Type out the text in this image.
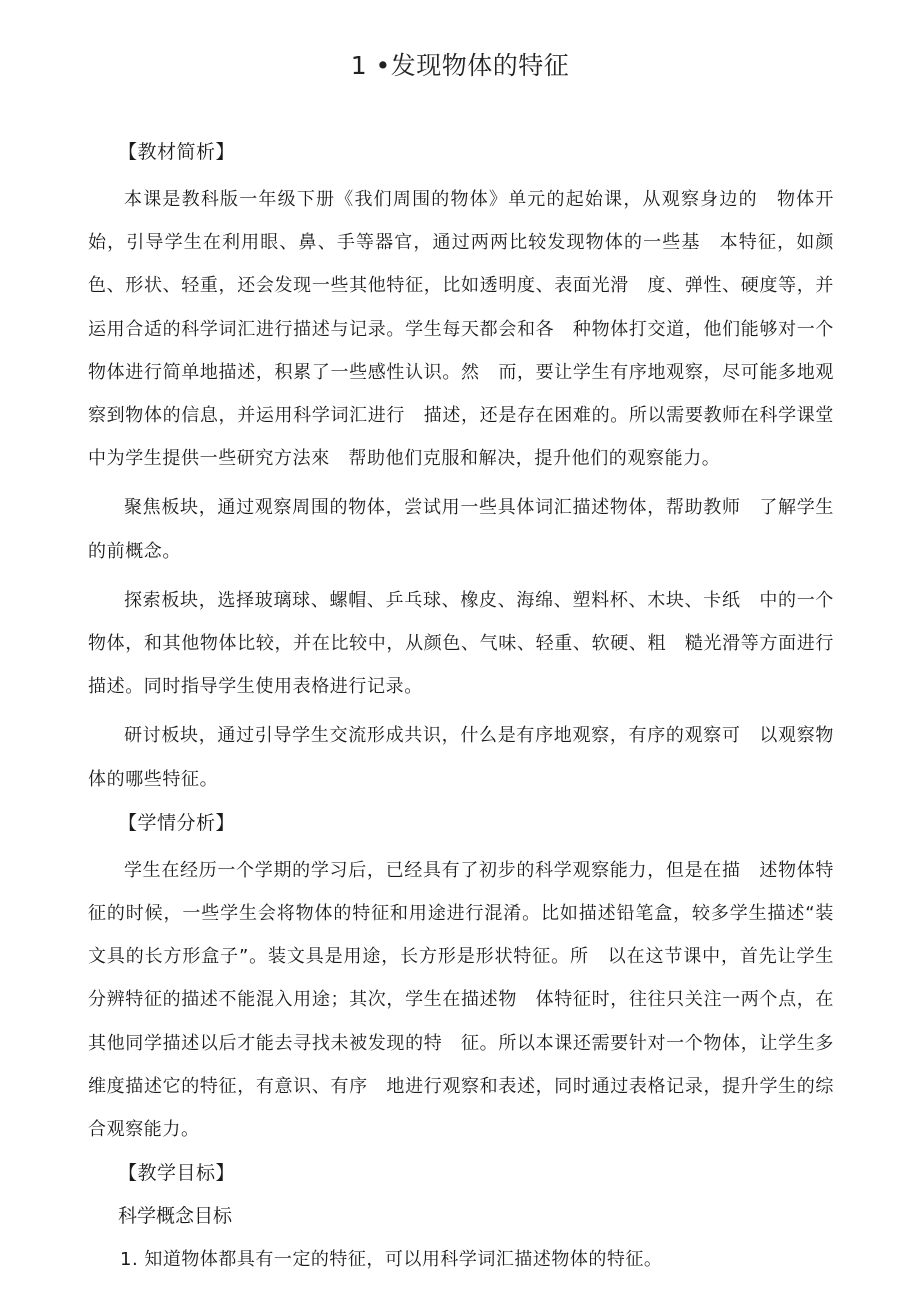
1 •发现物体的特征
【教材简析】

本课是教科版一年级下册《我们周围的物体》单元的起始课，从观察身边的　物体开始，引导学生在利用眼、鼻、手等器官，通过两两比较发现物体的一些基　本特征，如颜色、形状、轻重，还会发现一些其他特征，比如透明度、表面光滑　度、弹性、硬度等，并运用合适的科学词汇进行描述与记录。学生每天都会和各　种物体打交道，他们能够对一个物体进行简单地描述，积累了一些感性认识。然　而，要让学生有序地观察，尽可能多地观察到物体的信息，并运用科学词汇进行　描述，还是存在困难的。所以需要教师在科学课堂中为学生提供一些研究方法來　帮助他们克服和解决，提升他们的观察能力。

聚焦板块，通过观察周围的物体，尝试用一些具体词汇描述物体，帮助教师　了解学生的前概念。

探索板块，选择玻璃球、螺帽、乒乓球、橡皮、海绵、塑料杯、木块、卡纸　中的一个物体，和其他物体比较，并在比较中，从颜色、气味、轻重、软硬、粗　糙光滑等方面进行描述。同时指导学生使用表格进行记录。

研讨板块，通过引导学生交流形成共识，什么是有序地观察，有序的观察可　以观察物体的哪些特征。

【学情分析】

学生在经历一个学期的学习后，已经具有了初步的科学观察能力，但是在描　述物体特征的时候，一些学生会将物体的特征和用途进行混淆。比如描述铅笔盒，较多学生描述“装文具的长方形盒子”。装文具是用途，长方形是形状特征。所　以在这节课中，首先让学生分辨特征的描述不能混入用途；其次，学生在描述物　体特征时，往往只关注一两个点，在其他同学描述以后才能去寻找未被发现的特　征。所以本课还需要针对一个物体，让学生多维度描述它的特征，有意识、有序　地进行观察和表述，同时通过表格记录，提升学生的综合观察能力。

【教学目标】
科学概念目标
1. 知道物体都具有一定的特征，可以用科学词汇描述物体的特征。
